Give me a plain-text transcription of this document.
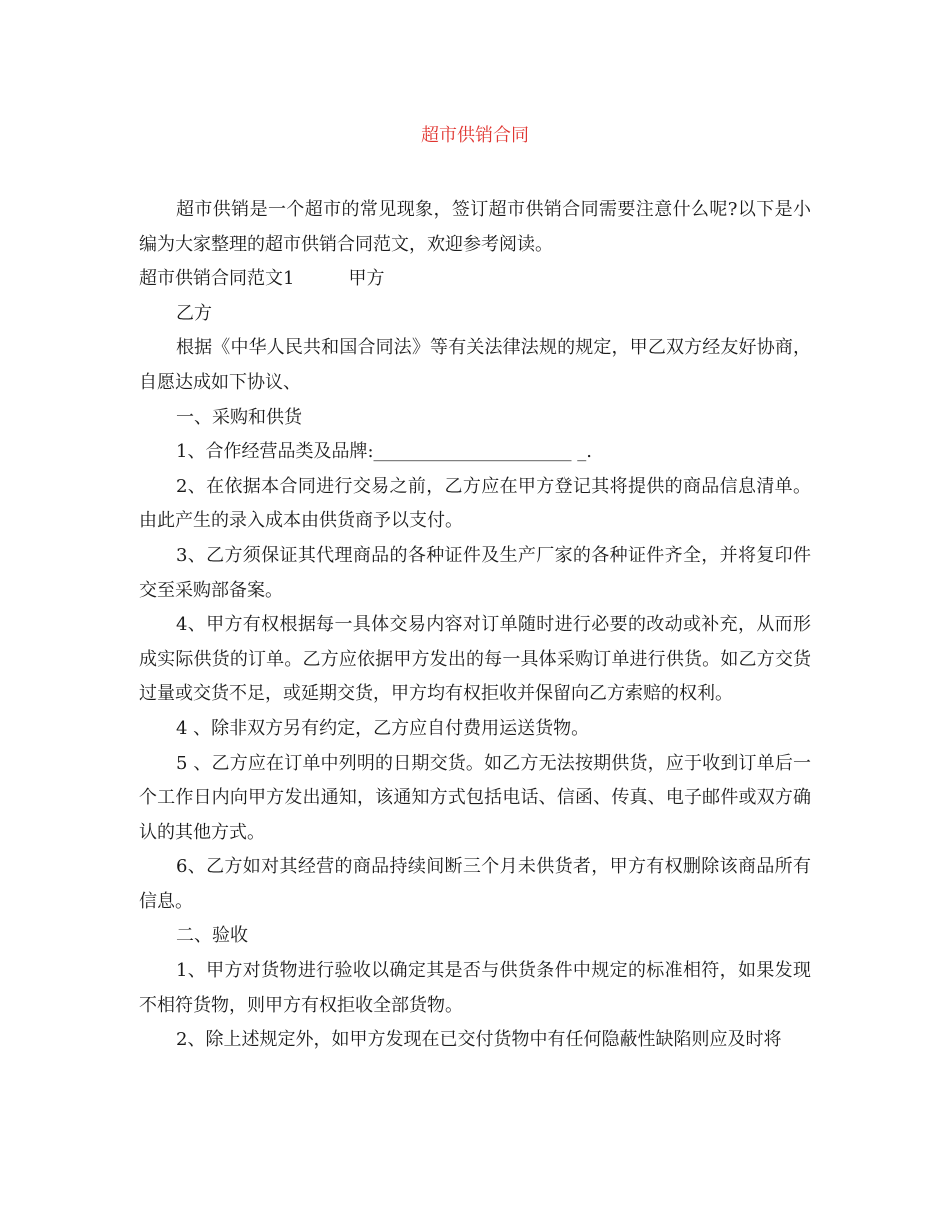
超市供销合同

超市供销是一个超市的常见现象，签订超市供销合同需要注意什么呢?以下是小编为大家整理的超市供销合同范文，欢迎参考阅读。

超市供销合同范文1	甲方

乙方

根据《中华人民共和国合同法》等有关法律法规的规定，甲乙双方经友好协商，自愿达成如下协议、

一、采购和供货

1、合作经营品类及品牌:______________________ _.

2、在依据本合同进行交易之前，乙方应在甲方登记其将提供的商品信息清单。由此产生的录入成本由供货商予以支付。

3、乙方须保证其代理商品的各种证件及生产厂家的各种证件齐全，并将复印件交至采购部备案。

4、甲方有权根据每一具体交易内容对订单随时进行必要的改动或补充，从而形成实际供货的订单。乙方应依据甲方发出的每一具体采购订单进行供货。如乙方交货过量或交货不足，或延期交货，甲方均有权拒收并保留向乙方索赔的权利。

4 、除非双方另有约定，乙方应自付费用运送货物。

5 、乙方应在订单中列明的日期交货。如乙方无法按期供货，应于收到订单后一个工作日内向甲方发出通知，该通知方式包括电话、信函、传真、电子邮件或双方确认的其他方式。

6、乙方如对其经营的商品持续间断三个月未供货者，甲方有权删除该商品所有信息。

二、验收

1、甲方对货物进行验收以确定其是否与供货条件中规定的标准相符，如果发现不相符货物，则甲方有权拒收全部货物。

2、除上述规定外，如甲方发现在已交付货物中有任何隐蔽性缺陷则应及时将
